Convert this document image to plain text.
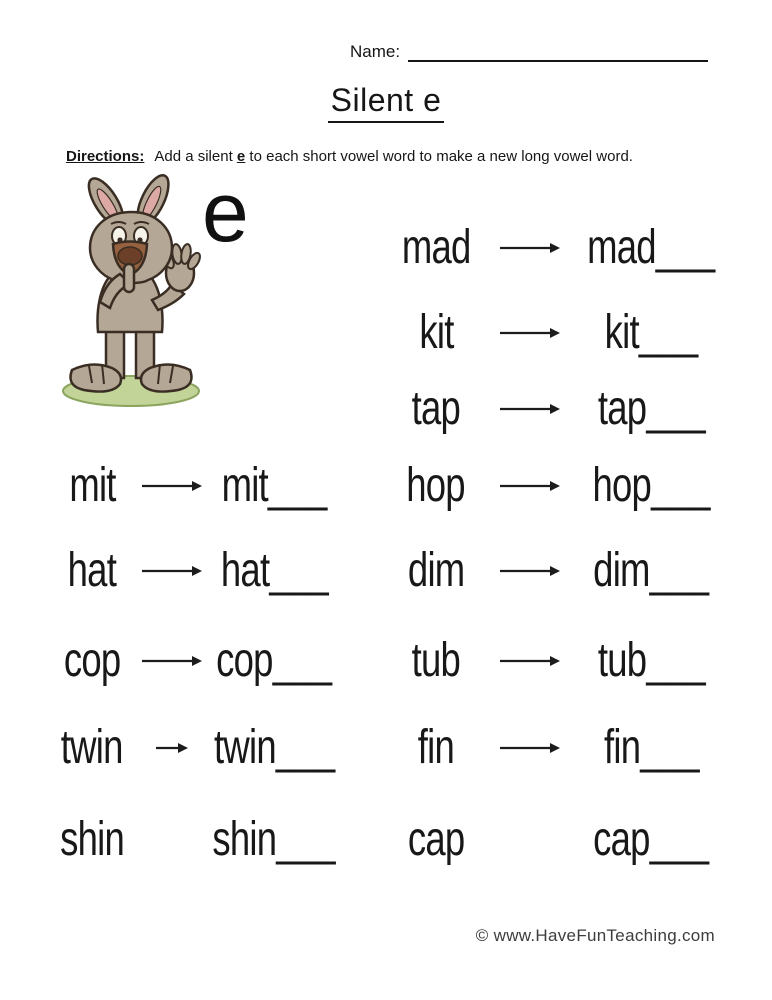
Name:
Silent e
Directions: Add a silent e to each short vowel word to make a new long vowel word.
e
mit mit___
hat hat___
cop cop___
twin twin___
shin shin___
mad mad___
kit	kit___
tap	tap___
hop	hop___
dim	dim___
tub	tub___
fin	fin___
cap	cap___
© www.HaveFunTeaching.com
